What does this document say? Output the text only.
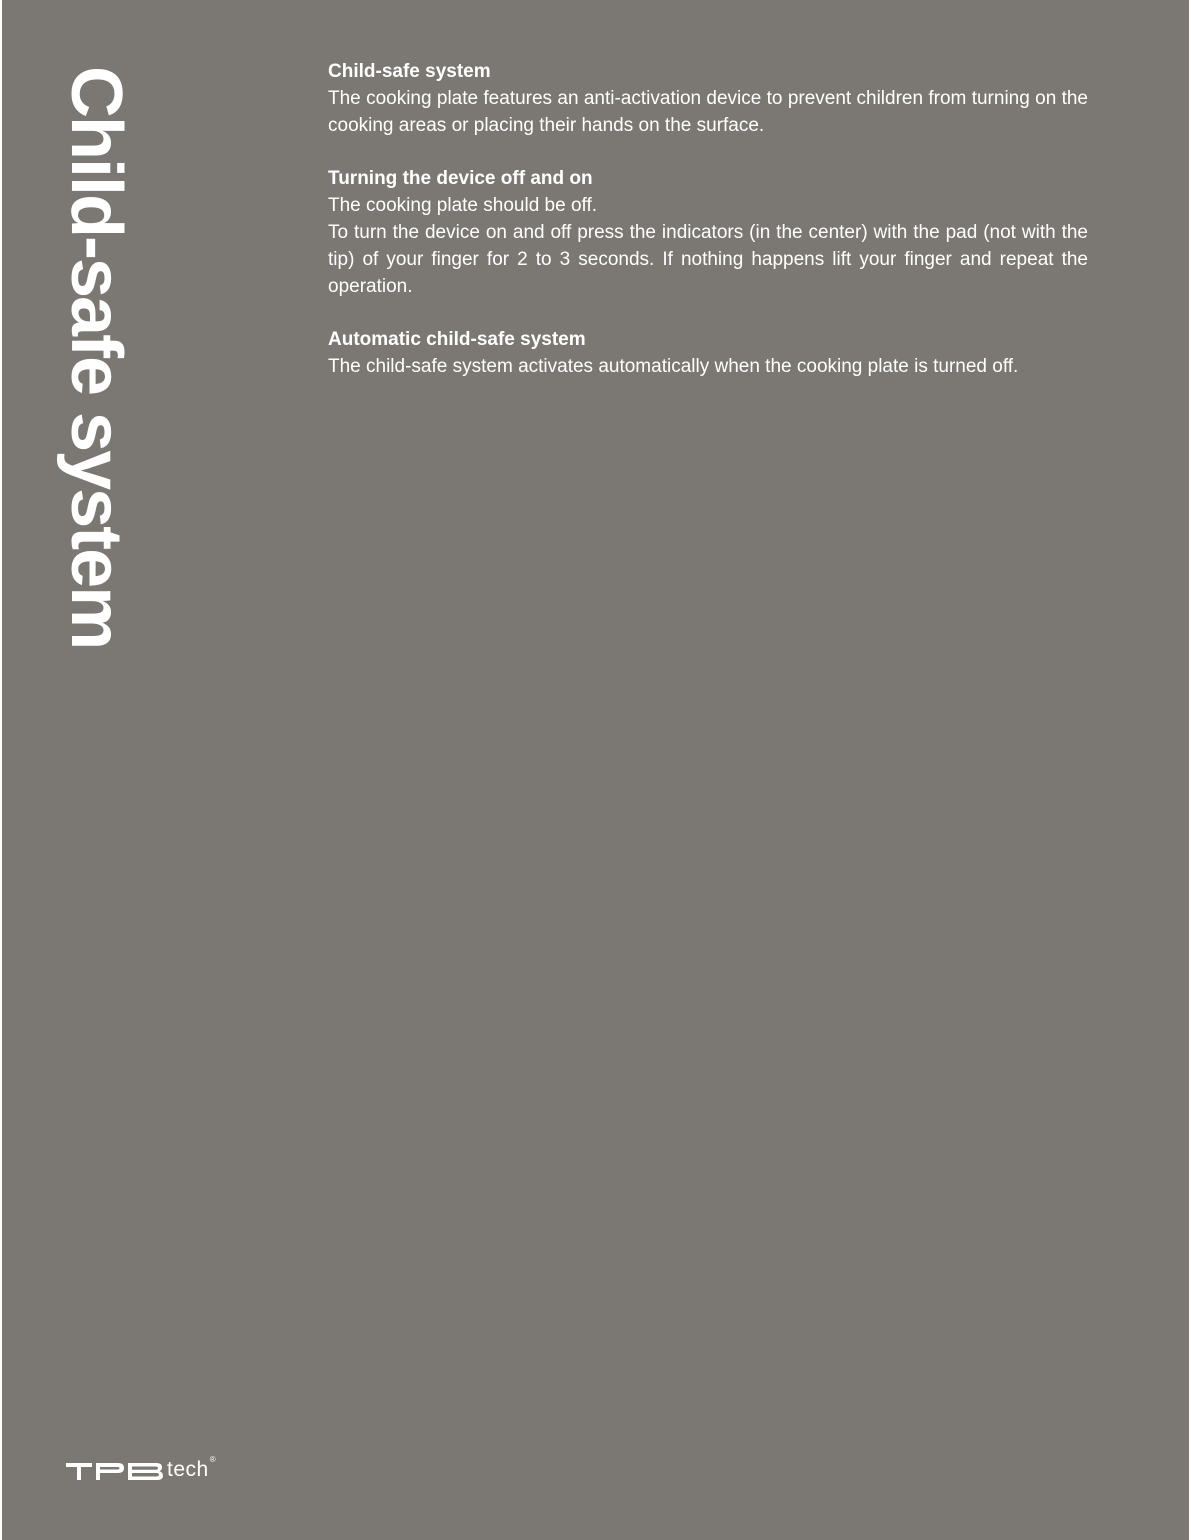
Child-safe system	Child-safe system

The cooking plate features an anti-activation device to prevent children from turning on the cooking areas or placing their hands on the surface.

Turning the device off and on

The cooking plate should be off.

To turn the device on and off press the indicators (in the center) with the pad (not with the tip) of your finger for 2 to 3 seconds. If nothing happens lift your finger and repeat the operation.

Automatic child-safe system

The child-safe system activates automatically when the cooking plate is turned off.

tech ®
